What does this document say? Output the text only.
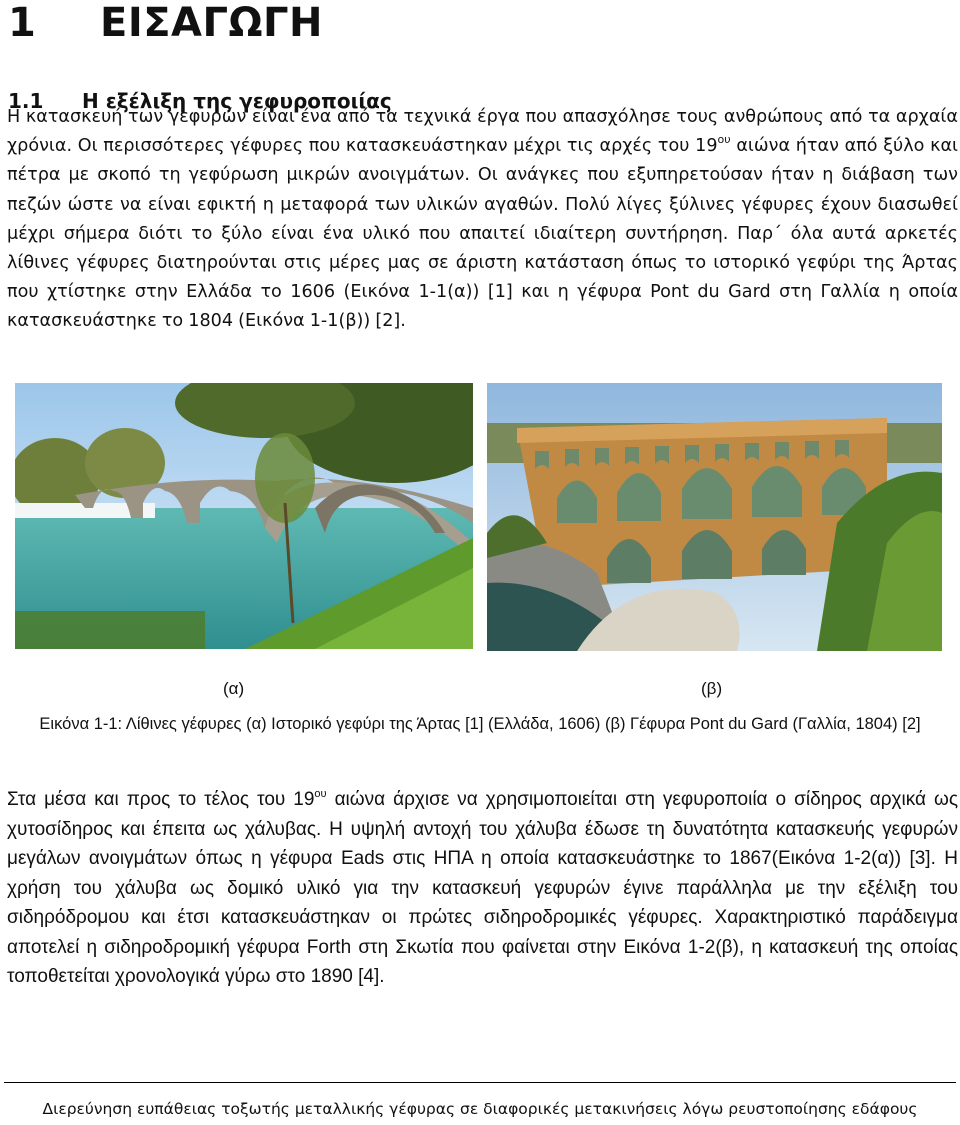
1 ΕΙΣΑΓΩΓΗ
1.1 Η εξέλιξη της γεφυροποιίας

Η κατασκευή των γεφυρών είναι ένα από τα τεχνικά έργα που απασχόλησε τους ανθρώπους από τα αρχαία χρόνια. Οι περισσότερες γέφυρες που κατασκευάστηκαν μέχρι τις αρχές του $19^{o\upsilon}$ αιώνα ήταν από ξύλο και πέτρα με σκοπό τη γεφύρωση μικρών ανοιγμάτων. Οι ανάγκες που εξυπηρετούσαν ήταν η διάβαση των πεζών ώστε να είναι εφικτή η μεταφορά των υλικών αγαθών. Πολύ λίγες ξύλινες γέφυρες έχουν διασωθεί μέχρι σήμερα διότι το ξύλο είναι ένα υλικό που απαιτεί ιδιαίτερη συντήρηση. Παρ΄ όλα αυτά αρκετές λίθινες γέφυρες διατηρούνται στις μέρες μας σε άριστη κατάσταση όπως το ιστορικό γεφύρι της Άρτας που χτίστηκε στην Ελλάδα το 1606 (Εικόνα 1-1(α)) [1] και η γέφυρα Pont du Gard στη Γαλλία η οποία κατασκευάστηκε το 1804 (Εικόνα 1-1(β)) [2].

(α)	(β)
Εικόνα 1-1: Λίθινες γέφυρες (α) Ιστορικό γεφύρι της Άρτας [1] (Ελλάδα, 1606) (β) Γέφυρα Pont du Gard (Γαλλία, 1804) [2]

Στα μέσα και προς το τέλος του $19^{o\upsilon}$ αιώνα άρχισε να χρησιμοποιείται στη γεφυροποιία ο σίδηρος αρχικά ως χυτοσίδηρος και έπειτα ως χάλυβας. Η υψηλή αντοχή του χάλυβα έδωσε τη δυνατότητα κατασκευής γεφυρών μεγάλων ανοιγμάτων όπως η γέφυρα Eads στις ΗΠΑ η οποία κατασκευάστηκε το 1867(Εικόνα 1-2(α)) [3]. Η χρήση του χάλυβα ως δομικό υλικό για την κατασκευή γεφυρών έγινε παράλληλα με την εξέλιξη του σιδηρόδρομου και έτσι κατασκευάστηκαν οι πρώτες σιδηροδρομικές γέφυρες. Χαρακτηριστικό παράδειγμα αποτελεί η σιδηροδρομική γέφυρα Forth στη Σκωτία που φαίνεται στην Εικόνα 1-2(β), η κατασκευή της οποίας τοποθετείται χρονολογικά γύρω στο 1890 [4].

Διερεύνηση ευπάθειας τοξωτής μεταλλικής γέφυρας σε διαφορικές μετακινήσεις λόγω ρευστοποίησης εδάφους
